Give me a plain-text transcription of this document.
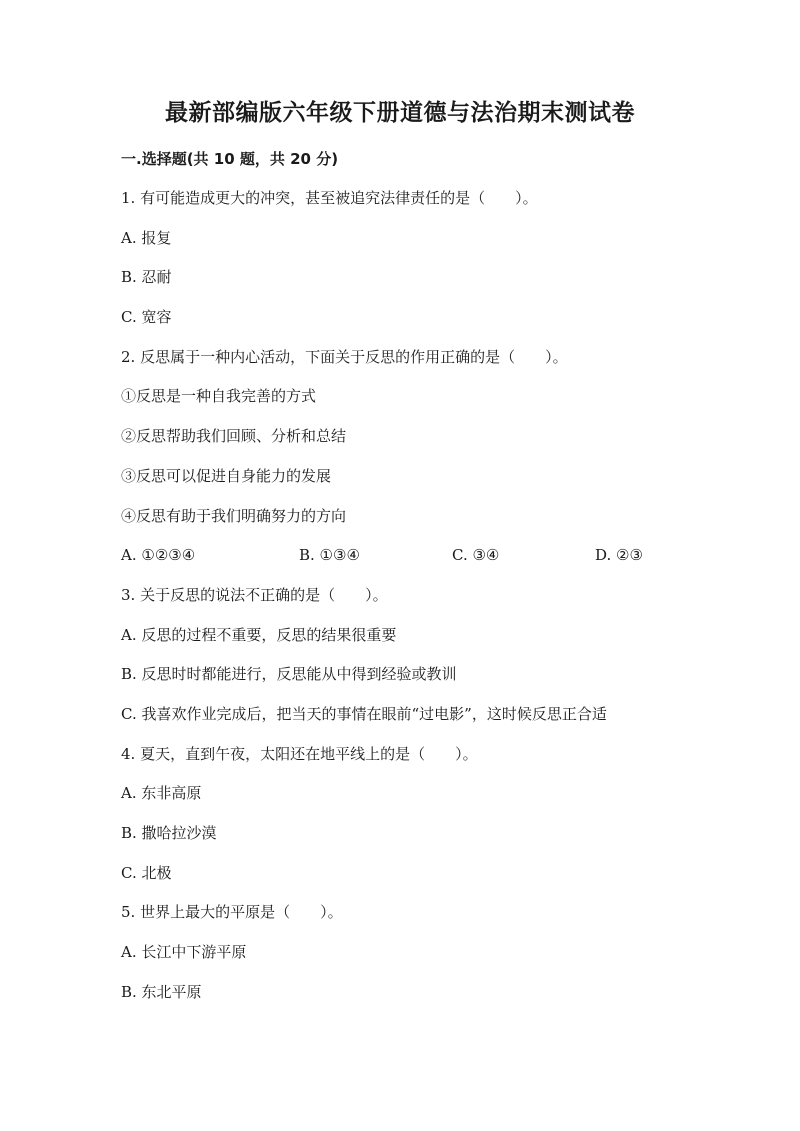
最新部编版六年级下册道德与法治期末测试卷
一.选择题(共 10 题，共 20 分)
1. 有可能造成更大的冲突，甚至被追究法律责任的是（　　）。
A. 报复
B. 忍耐
C. 宽容
2. 反思属于一种内心活动，下面关于反思的作用正确的是（　　）。
①反思是一种自我完善的方式
②反思帮助我们回顾、分析和总结
③反思可以促进自身能力的发展
④反思有助于我们明确努力的方向
A. ①②③④	B. ①③④	C. ③④	D. ②③
3. 关于反思的说法不正确的是（　　）。
A. 反思的过程不重要，反思的结果很重要
B. 反思时时都能进行，反思能从中得到经验或教训
C. 我喜欢作业完成后，把当天的事情在眼前“过电影”，这时候反思正合适
4. 夏天，直到午夜，太阳还在地平线上的是（　　）。
A. 东非高原
B. 撒哈拉沙漠
C. 北极
5. 世界上最大的平原是（　　）。
A. 长江中下游平原
B. 东北平原
